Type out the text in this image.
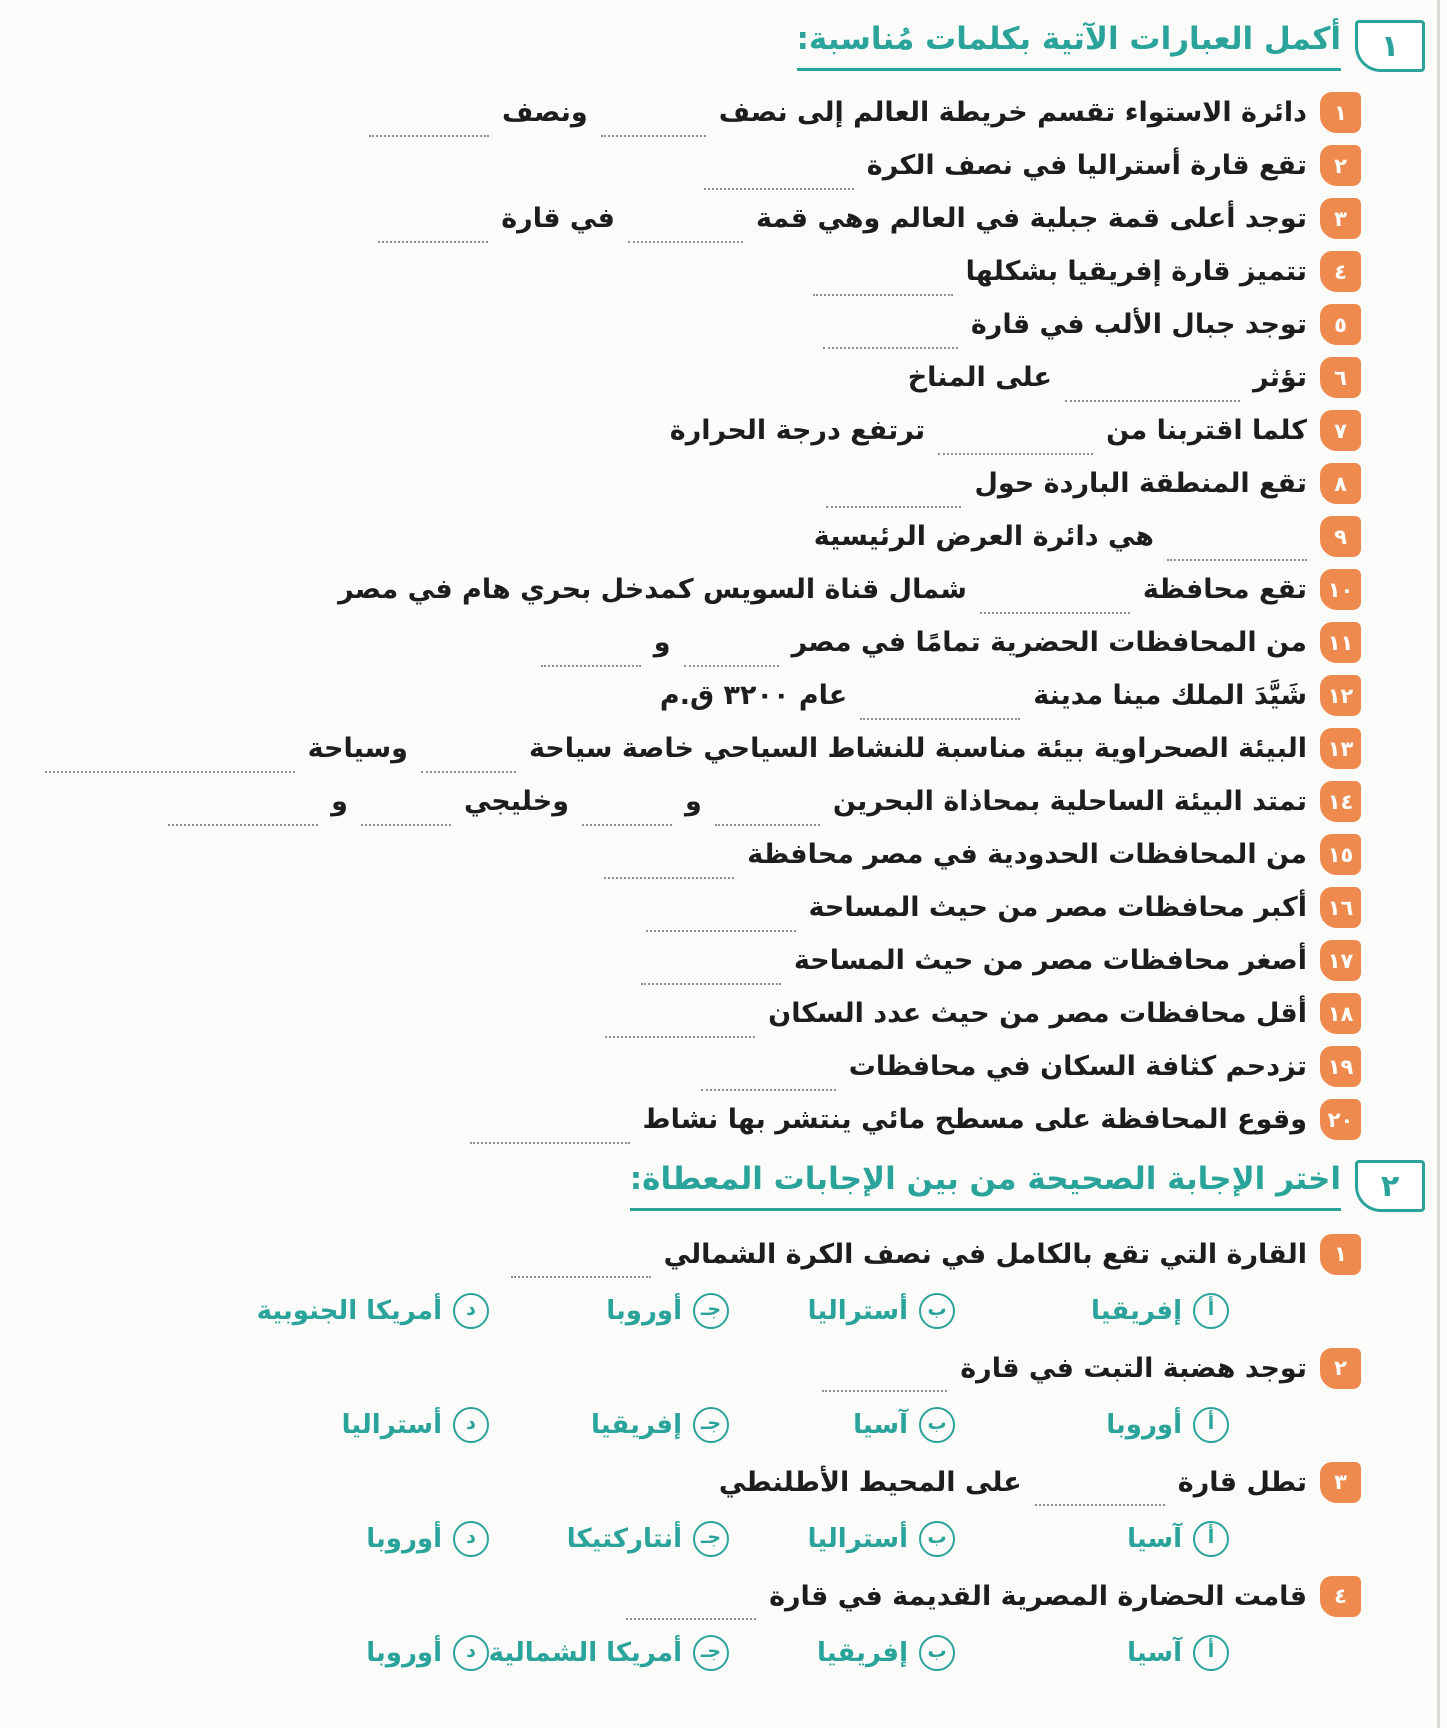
١
أكمل العبارات الآتية بكلمات مُناسبة:
١
دائرة الاستواء تقسم خريطة العالم إلى نصف
ونصف
٢
تقع قارة أستراليا في نصف الكرة
٣
توجد أعلى قمة جبلية في العالم وهي قمة
في قارة
٤
تتميز قارة إفريقيا بشكلها
٥
توجد جبال الألب في قارة
٦
تؤثر
على المناخ
٧
كلما اقتربنا من
ترتفع درجة الحرارة
٨
تقع المنطقة الباردة حول
٩
هي دائرة العرض الرئيسية
١٠
تقع محافظة
شمال قناة السويس كمدخل بحري هام في مصر
١١
من المحافظات الحضرية تمامًا في مصر
و
١٢
شَيَّدَ الملك مينا مدينة
عام ٣٢٠٠ ق.م
١٣
البيئة الصحراوية بيئة مناسبة للنشاط السياحي خاصة سياحة
وسياحة
١٤
تمتد البيئة الساحلية بمحاذاة البحرين
و
وخليجي
و
١٥
من المحافظات الحدودية في مصر محافظة
١٦
أكبر محافظات مصر من حيث المساحة
١٧
أصغر محافظات مصر من حيث المساحة
١٨
أقل محافظات مصر من حيث عدد السكان
١٩
تزدحم كثافة السكان في محافظات
٢٠
وقوع المحافظة على مسطح مائي ينتشر بها نشاط
٢
اختر الإجابة الصحيحة من بين الإجابات المعطاة:
١
القارة التي تقع بالكامل في نصف الكرة الشمالي
أ
إفريقيا
ب
أستراليا
جـ
أوروبا
د
أمريكا الجنوبية
٢
توجد هضبة التبت في قارة
أ
أوروبا
ب
آسيا
جـ
إفريقيا
د
أستراليا
٣
تطل قارة
على المحيط الأطلنطي
أ
آسيا
ب
أستراليا
جـ
أنتاركتيكا
د
أوروبا
٤
قامت الحضارة المصرية القديمة في قارة
أ
آسيا
ب
إفريقيا
جـ
أمريكا الشمالية
د
أوروبا
